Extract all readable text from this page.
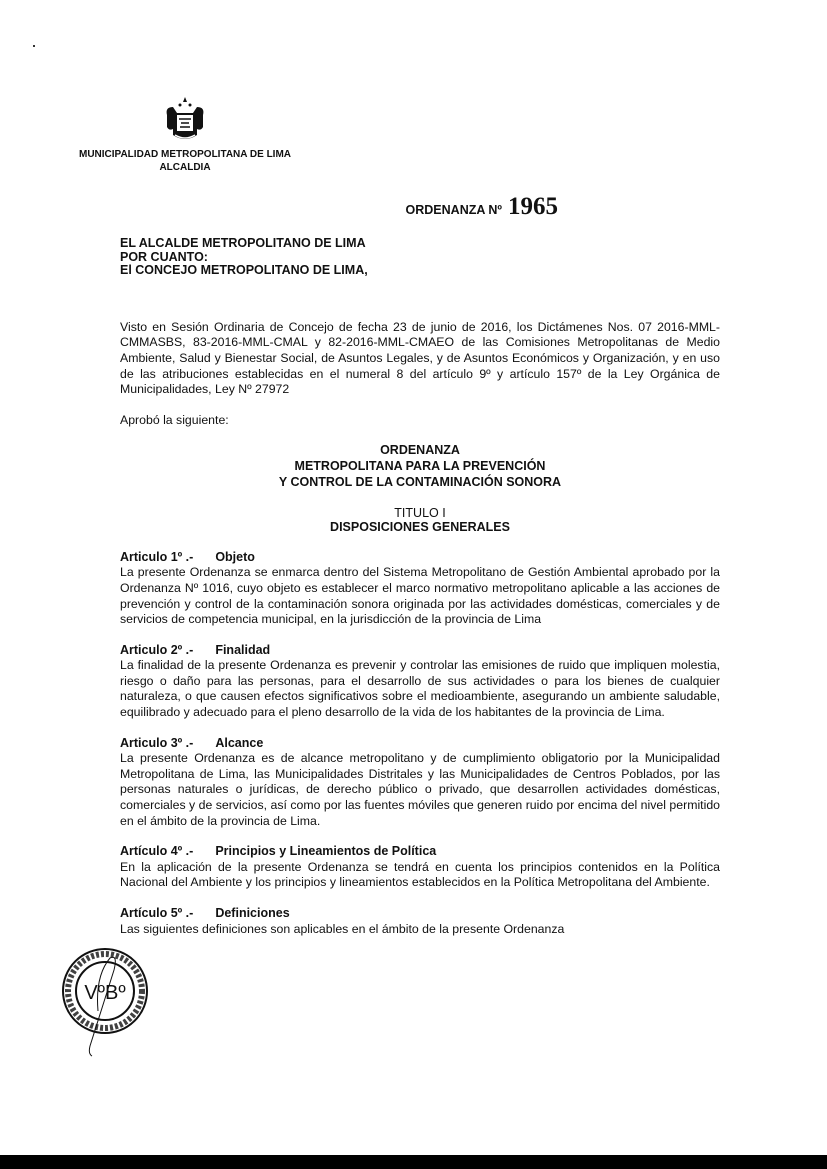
MUNICIPALIDAD METROPOLITANA DE LIMA
ALCALDIA
ORDENANZA Nº 1965
EL ALCALDE METROPOLITANO DE LIMA
POR CUANTO:
El CONCEJO METROPOLITANO DE LIMA,
Visto en Sesión Ordinaria de Concejo de fecha 23 de junio de 2016, los Dictámenes Nos. 07 2016-MML-CMMASBS, 83-2016-MML-CMAL y 82-2016-MML-CMAEO de las Comisiones Metropolitanas de Medio Ambiente, Salud y Bienestar Social, de Asuntos Legales, y de Asuntos Económicos y Organización, y en uso de las atribuciones establecidas en el numeral 8 del artículo 9º y artículo 157º de la Ley Orgánica de Municipalidades, Ley Nº 27972
Aprobó la siguiente:
ORDENANZA
METROPOLITANA PARA LA PREVENCIÓN
Y CONTROL DE LA CONTAMINACIÓN SONORA
TITULO I
DISPOSICIONES GENERALES
Articulo 1º .- Objeto
La presente Ordenanza se enmarca dentro del Sistema Metropolitano de Gestión Ambiental aprobado por la Ordenanza Nº 1016, cuyo objeto es establecer el marco normativo metropolitano aplicable a las acciones de prevención y control de la contaminación sonora originada por las actividades domésticas, comerciales y de servicios de competencia municipal, en la jurisdicción de la provincia de Lima
Articulo 2º .- Finalidad
La finalidad de la presente Ordenanza es prevenir y controlar las emisiones de ruido que impliquen molestia, riesgo o daño para las personas, para el desarrollo de sus actividades o para los bienes de cualquier naturaleza, o que causen efectos significativos sobre el medioambiente, asegurando un ambiente saludable, equilibrado y adecuado para el pleno desarrollo de la vida de los habitantes de la provincia de Lima.
Articulo 3º .- Alcance
La presente Ordenanza es de alcance metropolitano y de cumplimiento obligatorio por la Municipalidad Metropolitana de Lima, las Municipalidades Distritales y las Municipalidades de Centros Poblados, por las personas naturales o jurídicas, de derecho público o privado, que desarrollen actividades domésticas, comerciales y de servicios, así como por las fuentes móviles que generen ruido por encima del nivel permitido en el ámbito de la provincia de Lima.
Artículo 4º .- Principios y Lineamientos de Política
En la aplicación de la presente Ordenanza se tendrá en cuenta los principios contenidos en la Política Nacional del Ambiente y los principios y lineamientos establecidos en la Política Metropolitana del Ambiente.
Artículo 5º .- Definiciones
Las siguientes definiciones son aplicables en el ámbito de la presente Ordenanza
VºBº
